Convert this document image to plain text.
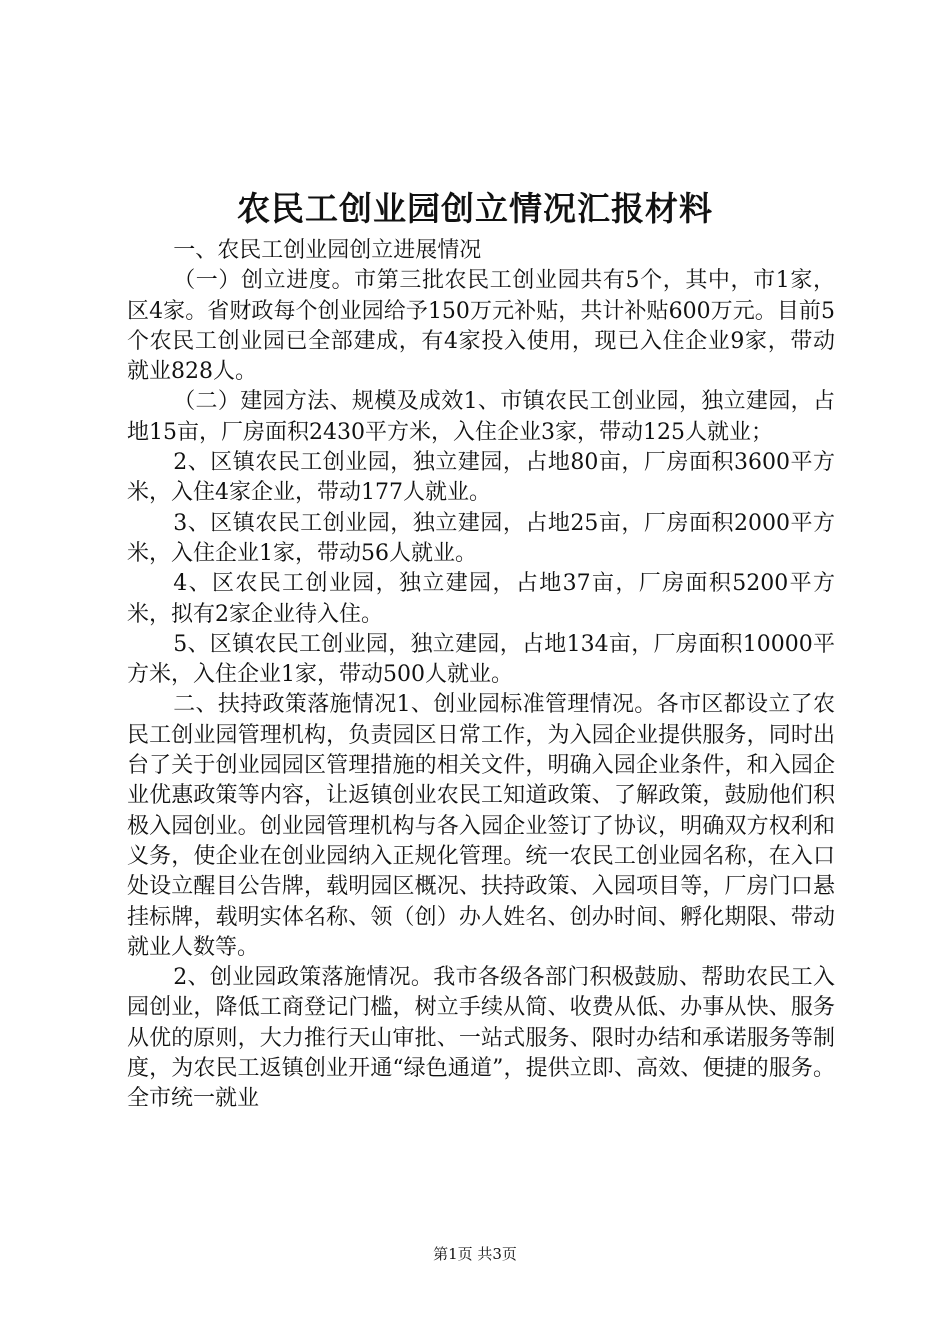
农民工创业园创立情况汇报材料

一、农民工创业园创立进展情况

（一）创立进度。市第三批农民工创业园共有5个，其中，市1家，区4家。省财政每个创业园给予150万元补贴，共计补贴600万元。目前5个农民工创业园已全部建成，有4家投入使用，现已入住企业9家，带动就业828人。

（二）建园方法、规模及成效1、市镇农民工创业园，独立建园，占地15亩，厂房面积2430平方米，入住企业3家，带动125人就业；

2、区镇农民工创业园，独立建园，占地80亩，厂房面积3600平方米，入住4家企业，带动177人就业。

3、区镇农民工创业园，独立建园，占地25亩，厂房面积2000平方米，入住企业1家，带动56人就业。

4、区农民工创业园，独立建园，占地37亩，厂房面积5200平方米，拟有2家企业待入住。

5、区镇农民工创业园，独立建园，占地134亩，厂房面积10000平方米，入住企业1家，带动500人就业。

二、扶持政策落施情况1、创业园标准管理情况。各市区都设立了农民工创业园管理机构，负责园区日常工作，为入园企业提供服务，同时出台了关于创业园园区管理措施的相关文件，明确入园企业条件，和入园企业优惠政策等内容，让返镇创业农民工知道政策、了解政策，鼓励他们积极入园创业。创业园管理机构与各入园企业签订了协议，明确双方权利和义务，使企业在创业园纳入正规化管理。统一农民工创业园名称，在入口处设立醒目公告牌，载明园区概况、扶持政策、入园项目等，厂房门口悬挂标牌，载明实体名称、领（创）办人姓名、创办时间、孵化期限、带动就业人数等。

2、创业园政策落施情况。我市各级各部门积极鼓励、帮助农民工入园创业，降低工商登记门槛，树立手续从简、收费从低、办事从快、服务从优的原则，大力推行天山审批、一站式服务、限时办结和承诺服务等制度，为农民工返镇创业开通“绿色通道”，提供立即、高效、便捷的服务。全市统一就业

第1页 共3页
